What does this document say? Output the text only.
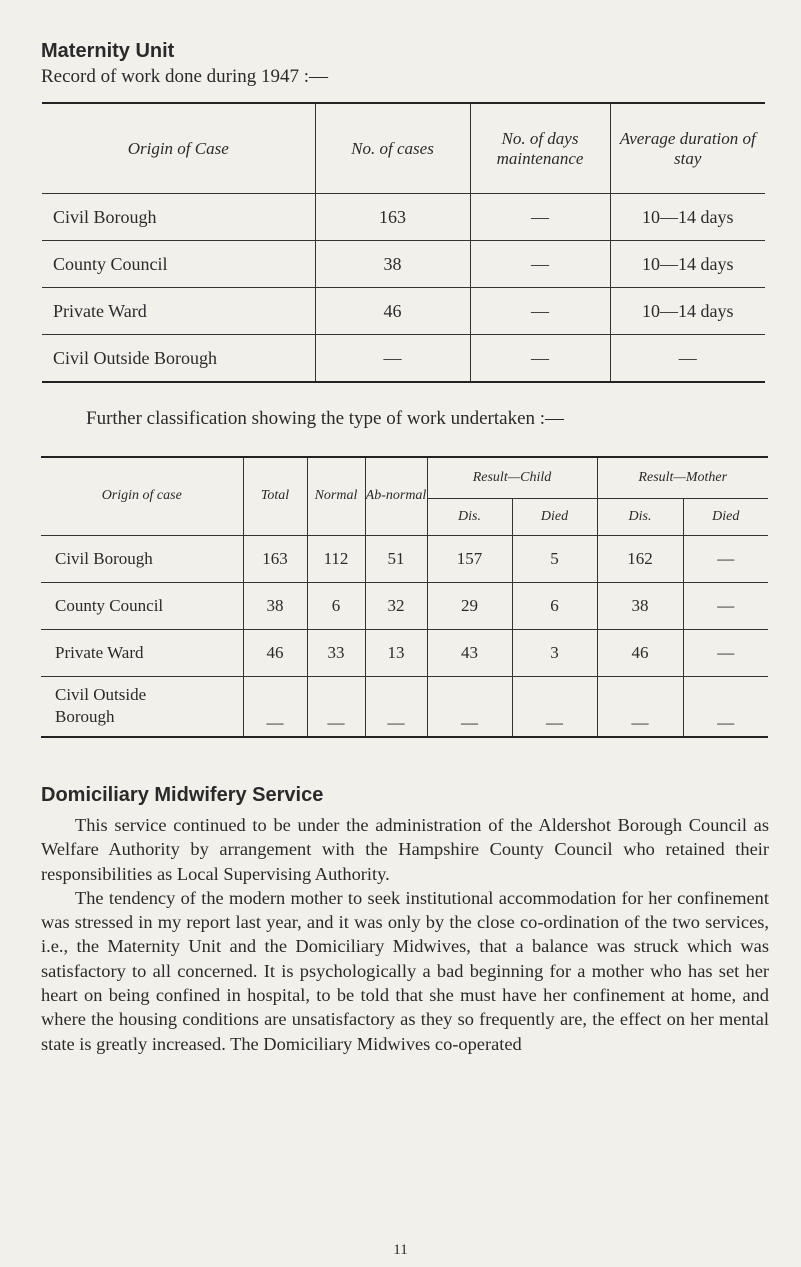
Maternity Unit
Record of work done during 1947 :—
Origin of Case	No. of cases	No. of days maintenance	Average duration of stay
Civil Borough	163	—	10—14 days
County Council	38	—	10—14 days
Private Ward	46	—	10—14 days
Civil Outside Borough	—	—	—
Further classification showing the type of work undertaken :—
Origin of case	Total	Normal	Ab-normal	Result—Child		Result—Mother	
				Dis.	Died	Dis.	Died
Civil Borough	163	112	51	157	5	162	—
County Council	38	6	32	29	6	38	—
Private Ward	46	33	13	43	3	46	—
Civil Outside Borough	—	—	—	—	—	—	—
Domiciliary Midwifery Service

This service continued to be under the administration of the Aldershot Borough Council as Welfare Authority by arrangement with the Hampshire County Council who retained their responsibilities as Local Supervising Authority.

The tendency of the modern mother to seek institutional accommodation for her confinement was stressed in my report last year, and it was only by the close co-ordination of the two services, i.e., the Maternity Unit and the Domiciliary Midwives, that a balance was struck which was satisfactory to all concerned. It is psychologically a bad beginning for a mother who has set her heart on being confined in hospital, to be told that she must have her confinement at home, and where the housing conditions are unsatisfactory as they so frequently are, the effect on her mental state is greatly increased. The Domiciliary Midwives co-operated

11
